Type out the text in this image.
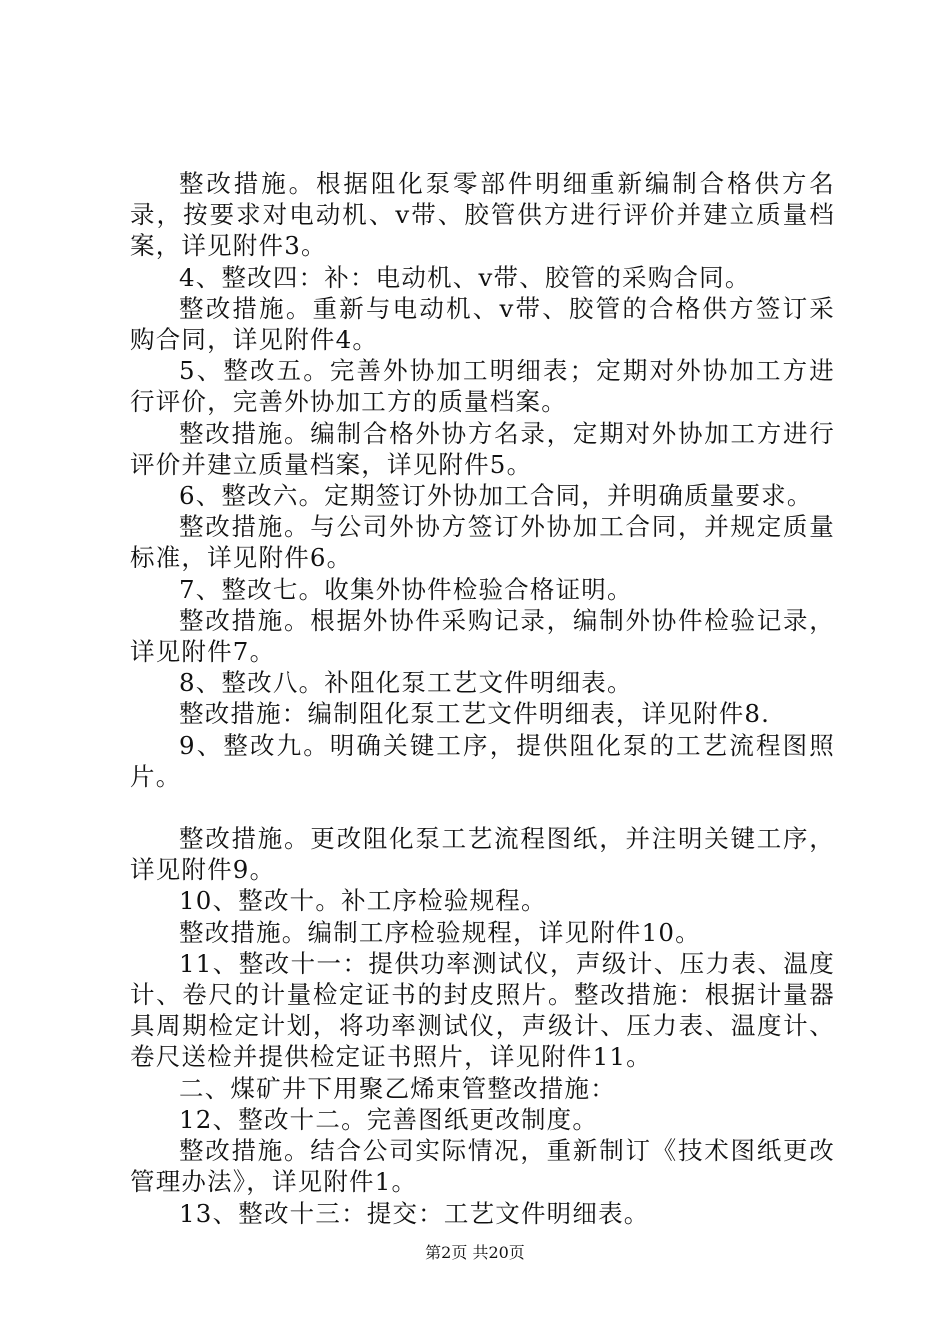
整改措施。根据阻化泵零部件明细重新编制合格供方名录，按要求对电动机、v带、胶管供方进行评价并建立质量档案，详见附件3。

4、整改四：补：电动机、v带、胶管的采购合同。

整改措施。重新与电动机、v带、胶管的合格供方签订采购合同，详见附件4。

5、整改五。完善外协加工明细表；定期对外协加工方进行评价，完善外协加工方的质量档案。

整改措施。编制合格外协方名录，定期对外协加工方进行评价并建立质量档案，详见附件5。

6、整改六。定期签订外协加工合同，并明确质量要求。

整改措施。与公司外协方签订外协加工合同，并规定质量标准，详见附件6。

7、整改七。收集外协件检验合格证明。

整改措施。根据外协件采购记录，编制外协件检验记录，详见附件7。

8、整改八。补阻化泵工艺文件明细表。

整改措施：编制阻化泵工艺文件明细表，详见附件8.

9、整改九。明确关键工序，提供阻化泵的工艺流程图照片。

整改措施。更改阻化泵工艺流程图纸，并注明关键工序，详见附件9。

10、整改十。补工序检验规程。

整改措施。编制工序检验规程，详见附件10。

11、整改十一：提供功率测试仪，声级计、压力表、温度计、卷尺的计量检定证书的封皮照片。整改措施：根据计量器具周期检定计划，将功率测试仪，声级计、压力表、温度计、卷尺送检并提供检定证书照片，详见附件11。

二、煤矿井下用聚乙烯束管整改措施：

12、整改十二。完善图纸更改制度。

整改措施。结合公司实际情况，重新制订《技术图纸更改管理办法》，详见附件1。

13、整改十三：提交：工艺文件明细表。

第2页 共20页
